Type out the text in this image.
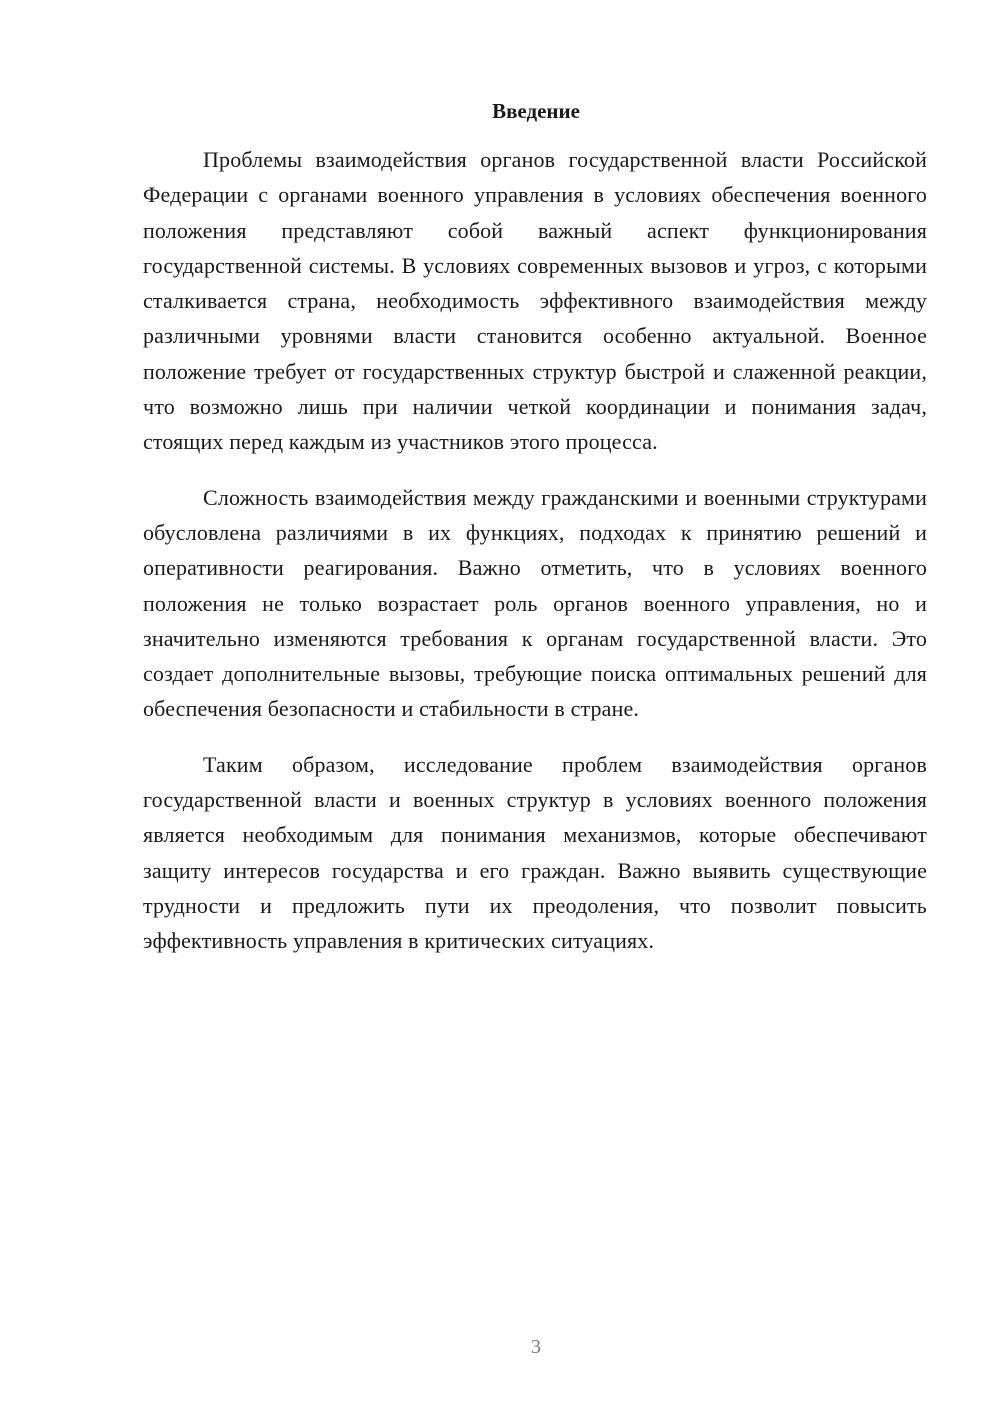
Введение

Проблемы взаимодействия органов государственной власти Российской Федерации с органами военного управления в условиях обеспечения военного положения представляют собой важный аспект функционирования государственной системы. В условиях современных вызовов и угроз, с которыми сталкивается страна, необходимость эффективного взаимодействия между различными уровнями власти становится особенно актуальной. Военное положение требует от государственных структур быстрой и слаженной реакции, что возможно лишь при наличии четкой координации и понимания задач, стоящих перед каждым из участников этого процесса.

Сложность взаимодействия между гражданскими и военными структурами обусловлена различиями в их функциях, подходах к принятию решений и оперативности реагирования. Важно отметить, что в условиях военного положения не только возрастает роль органов военного управления, но и значительно изменяются требования к органам государственной власти. Это создает дополнительные вызовы, требующие поиска оптимальных решений для обеспечения безопасности и стабильности в стране.

Таким образом, исследование проблем взаимодействия органов государственной власти и военных структур в условиях военного положения является необходимым для понимания механизмов, которые обеспечивают защиту интересов государства и его граждан. Важно выявить существующие трудности и предложить пути их преодоления, что позволит повысить эффективность управления в критических ситуациях.

3
